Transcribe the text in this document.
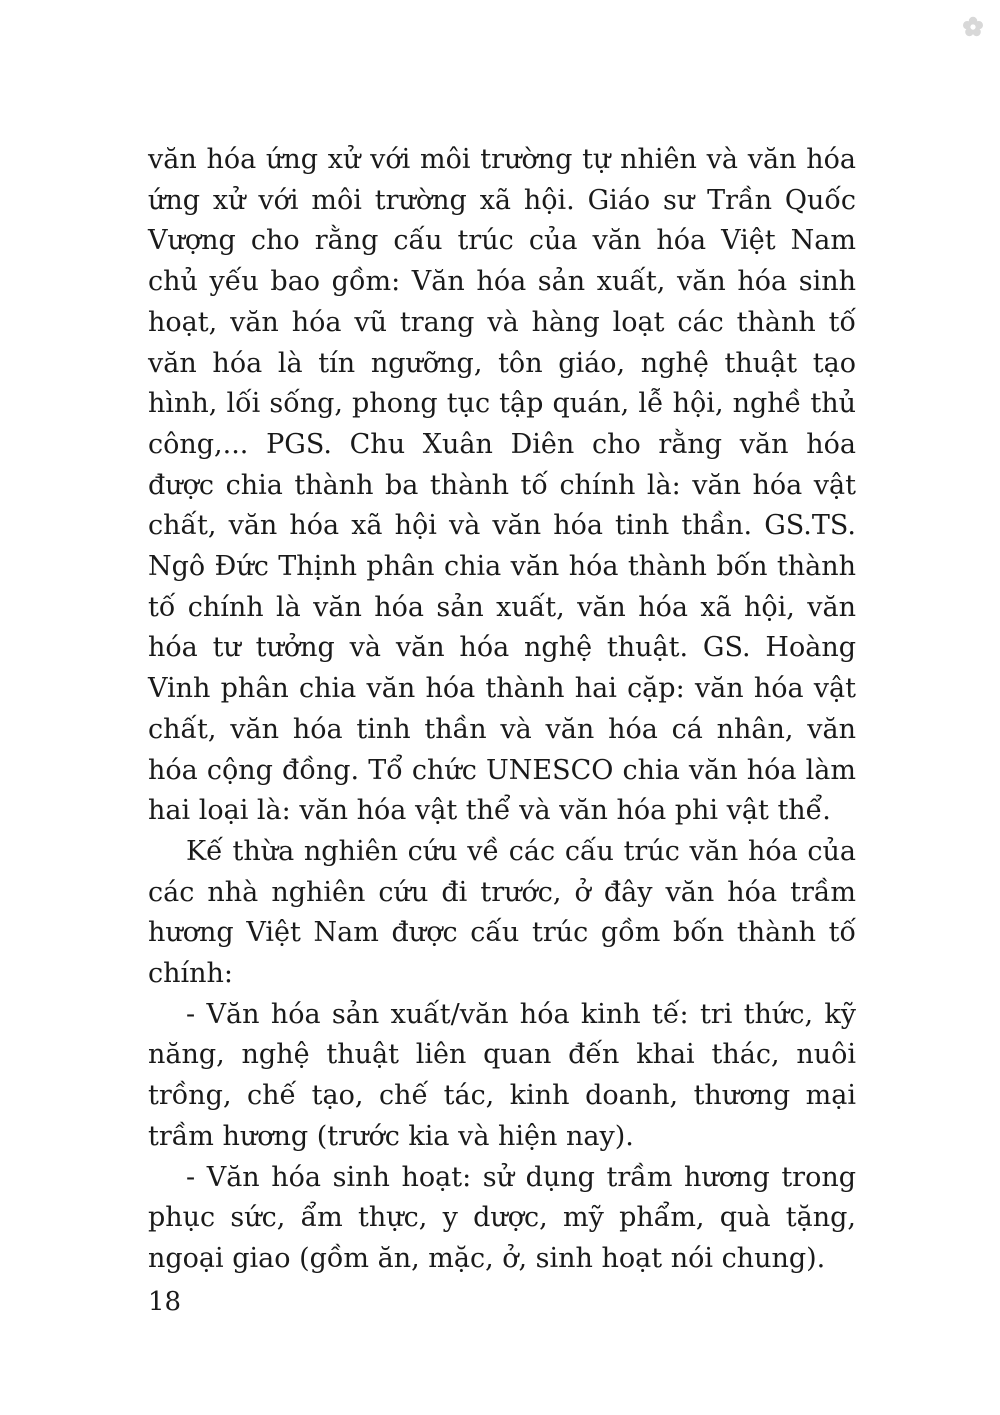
văn hóa ứng xử với môi trường tự nhiên và văn hóa ứng xử với môi trường xã hội. Giáo sư Trần Quốc Vượng cho rằng cấu trúc của văn hóa Việt Nam chủ yếu bao gồm: Văn hóa sản xuất, văn hóa sinh hoạt, văn hóa vũ trang và hàng loạt các thành tố văn hóa là tín ngưỡng, tôn giáo, nghệ thuật tạo hình, lối sống, phong tục tập quán, lễ hội, nghề thủ công,... PGS. Chu Xuân Diên cho rằng văn hóa được chia thành ba thành tố chính là: văn hóa vật chất, văn hóa xã hội và văn hóa tinh thần. GS.TS. Ngô Đức Thịnh phân chia văn hóa thành bốn thành tố chính là văn hóa sản xuất, văn hóa xã hội, văn hóa tư tưởng và văn hóa nghệ thuật. GS. Hoàng Vinh phân chia văn hóa thành hai cặp: văn hóa vật chất, văn hóa tinh thần và văn hóa cá nhân, văn hóa cộng đồng. Tổ chức UNESCO chia văn hóa làm hai loại là: văn hóa vật thể và văn hóa phi vật thể.

Kế thừa nghiên cứu về các cấu trúc văn hóa của các nhà nghiên cứu đi trước, ở đây văn hóa trầm hương Việt Nam được cấu trúc gồm bốn thành tố chính:

- Văn hóa sản xuất/văn hóa kinh tế: tri thức, kỹ năng, nghệ thuật liên quan đến khai thác, nuôi trồng, chế tạo, chế tác, kinh doanh, thương mại trầm hương (trước kia và hiện nay).

- Văn hóa sinh hoạt: sử dụng trầm hương trong phục sức, ẩm thực, y dược, mỹ phẩm, quà tặng, ngoại giao (gồm ăn, mặc, ở, sinh hoạt nói chung).

18
